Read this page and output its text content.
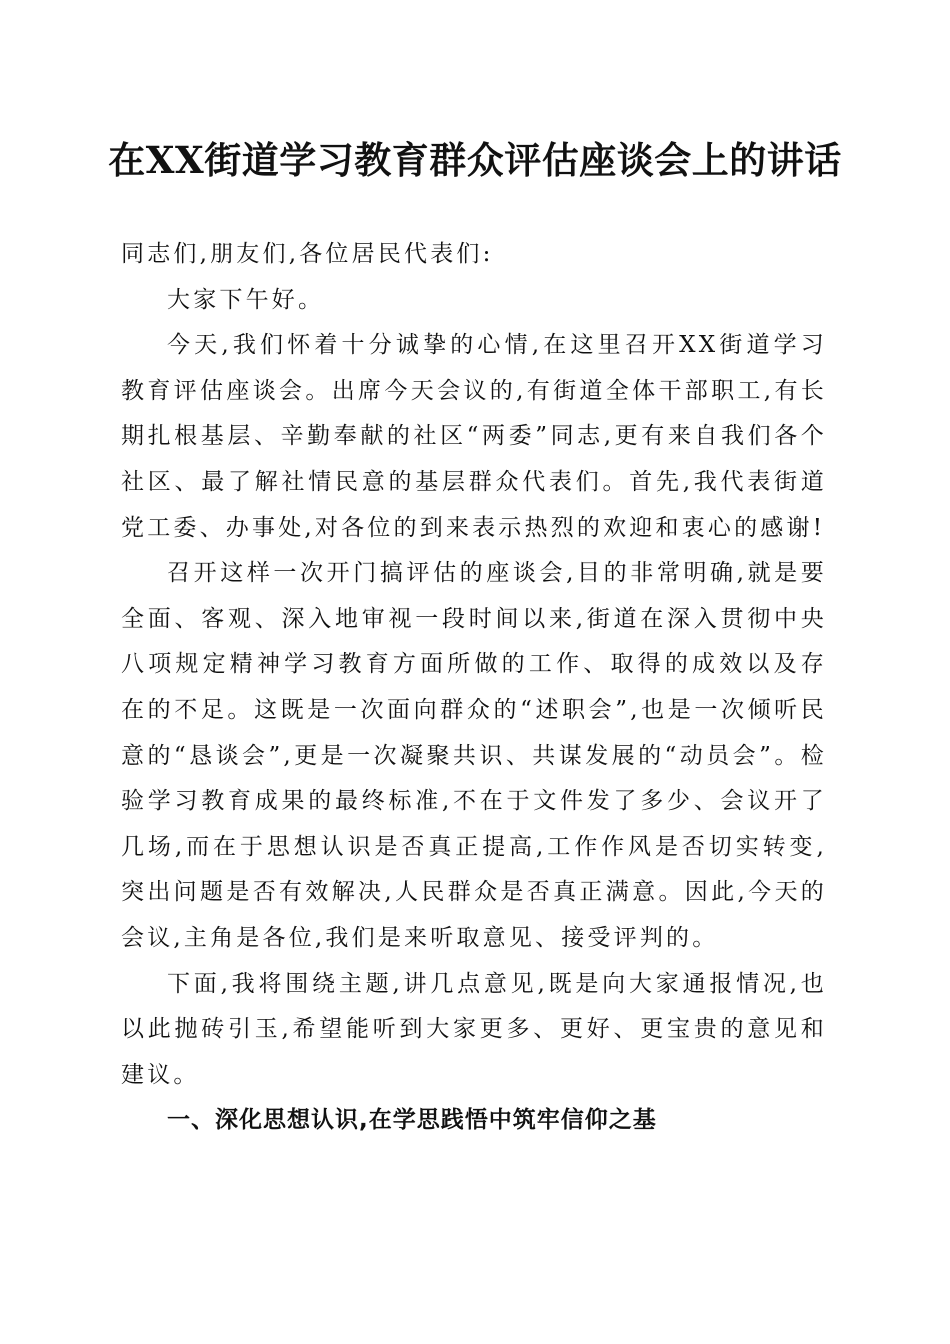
在XX街道学习教育群众评估座谈会上的讲话

同志们,朋友们,各位居民代表们:

大家下午好。

今天,我们怀着十分诚挚的心情,在这里召开XX街道学习教育评估座谈会。出席今天会议的,有街道全体干部职工,有长期扎根基层、辛勤奉献的社区“两委”同志,更有来自我们各个社区、最了解社情民意的基层群众代表们。首先,我代表街道党工委、办事处,对各位的到来表示热烈的欢迎和衷心的感谢!

召开这样一次开门搞评估的座谈会,目的非常明确,就是要全面、客观、深入地审视一段时间以来,街道在深入贯彻中央八项规定精神学习教育方面所做的工作、取得的成效以及存在的不足。这既是一次面向群众的“述职会”,也是一次倾听民意的“恳谈会”,更是一次凝聚共识、共谋发展的“动员会”。检验学习教育成果的最终标准,不在于文件发了多少、会议开了几场,而在于思想认识是否真正提高,工作作风是否切实转变,突出问题是否有效解决,人民群众是否真正满意。因此,今天的会议,主角是各位,我们是来听取意见、接受评判的。

下面,我将围绕主题,讲几点意见,既是向大家通报情况,也以此抛砖引玉,希望能听到大家更多、更好、更宝贵的意见和建议。

一、深化思想认识,在学思践悟中筑牢信仰之基
